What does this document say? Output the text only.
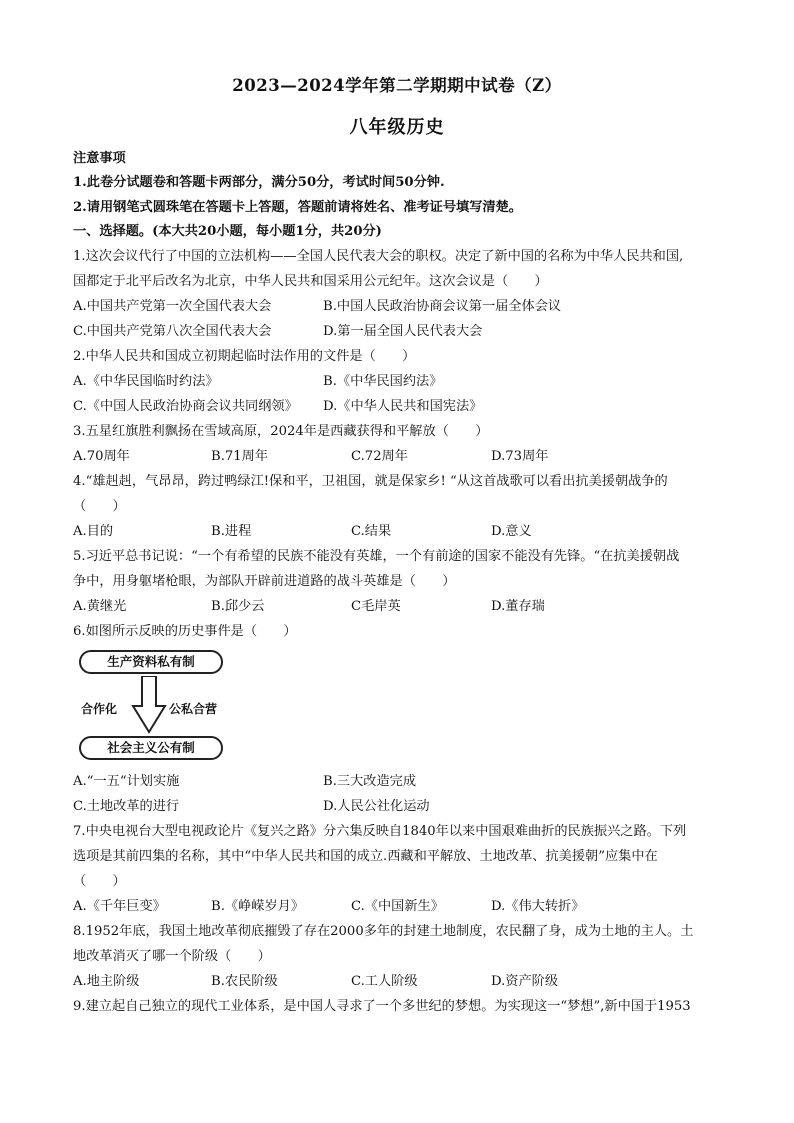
2023—2024学年第二学期期中试卷（Z）
八年级历史
注意事项
1.此卷分试题卷和答题卡两部分，满分50分，考试时间50分钟.
2.请用钢笔式圆珠笔在答题卡上答题，答题前请将姓名、准考证号填写清楚。
一、选择题。(本大共20小题，每小题1分，共20分)
1.这次会议代行了中国的立法机构——全国人民代表大会的职权。决定了新中国的名称为中华人民共和国,
国都定于北平后改名为北京，中华人民共和国采用公元纪年。这次会议是（　　）
A.中国共产党第一次全国代表大会	B.中国人民政治协商会议第一届全体会议
C.中国共产党第八次全国代表大会	D.第一届全国人民代表大会
2.中华人民共和国成立初期起临时法作用的文件是（　　）
A.《中华民国临时约法》	B.《中华民国约法》
C.《中国人民政治协商会议共同纲领》 D.《中华人民共和国宪法》
3.五星红旗胜利飘扬在雪域高原，2024年是西藏获得和平解放（　　）
A.70周年	B.71周年	C.72周年	D.73周年
4.“雄赳赳，气昂昂，跨过鸭绿江!保和平，卫祖国，就是保家乡! “从这首战歌可以看出抗美援朝战争的
（　　）
A.目的	B.进程	C.结果	D.意义
5.习近平总书记说：“一个有希望的民族不能没有英雄，一个有前途的国家不能没有先锋。“在抗美援朝战
争中，用身躯堵枪眼，为部队开辟前进道路的战斗英雄是（　　）
A.黄继光	B.邱少云	C毛岸英	D.董存瑞
6.如图所示反映的历史事件是（　　）
生产资料私有制
合作化	公私合营
社会主义公有制
A.“一五“计划实施	B.三大改造完成
C.土地改革的进行	D.人民公社化运动
7.中央电视台大型电视政论片《复兴之路》分六集反映自1840年以来中国艰难曲折的民族振兴之路。下列
选项是其前四集的名称，其中“中华人民共和国的成立.西藏和平解放、土地改革、抗美援朝”应集中在
（　　）
A.《千年巨变》	B.《峥嵘岁月》	C.《中国新生》	D.《伟大转折》
8.1952年底，我国土地改革彻底摧毁了存在2000多年的封建土地制度，农民翻了身，成为土地的主人。土
地改革消灭了哪一个阶级（　　）
A.地主阶级	B.农民阶级	C.工人阶级	D.资产阶级
9.建立起自己独立的现代工业体系，是中国人寻求了一个多世纪的梦想。为实现这一“梦想”,新中国于1953
